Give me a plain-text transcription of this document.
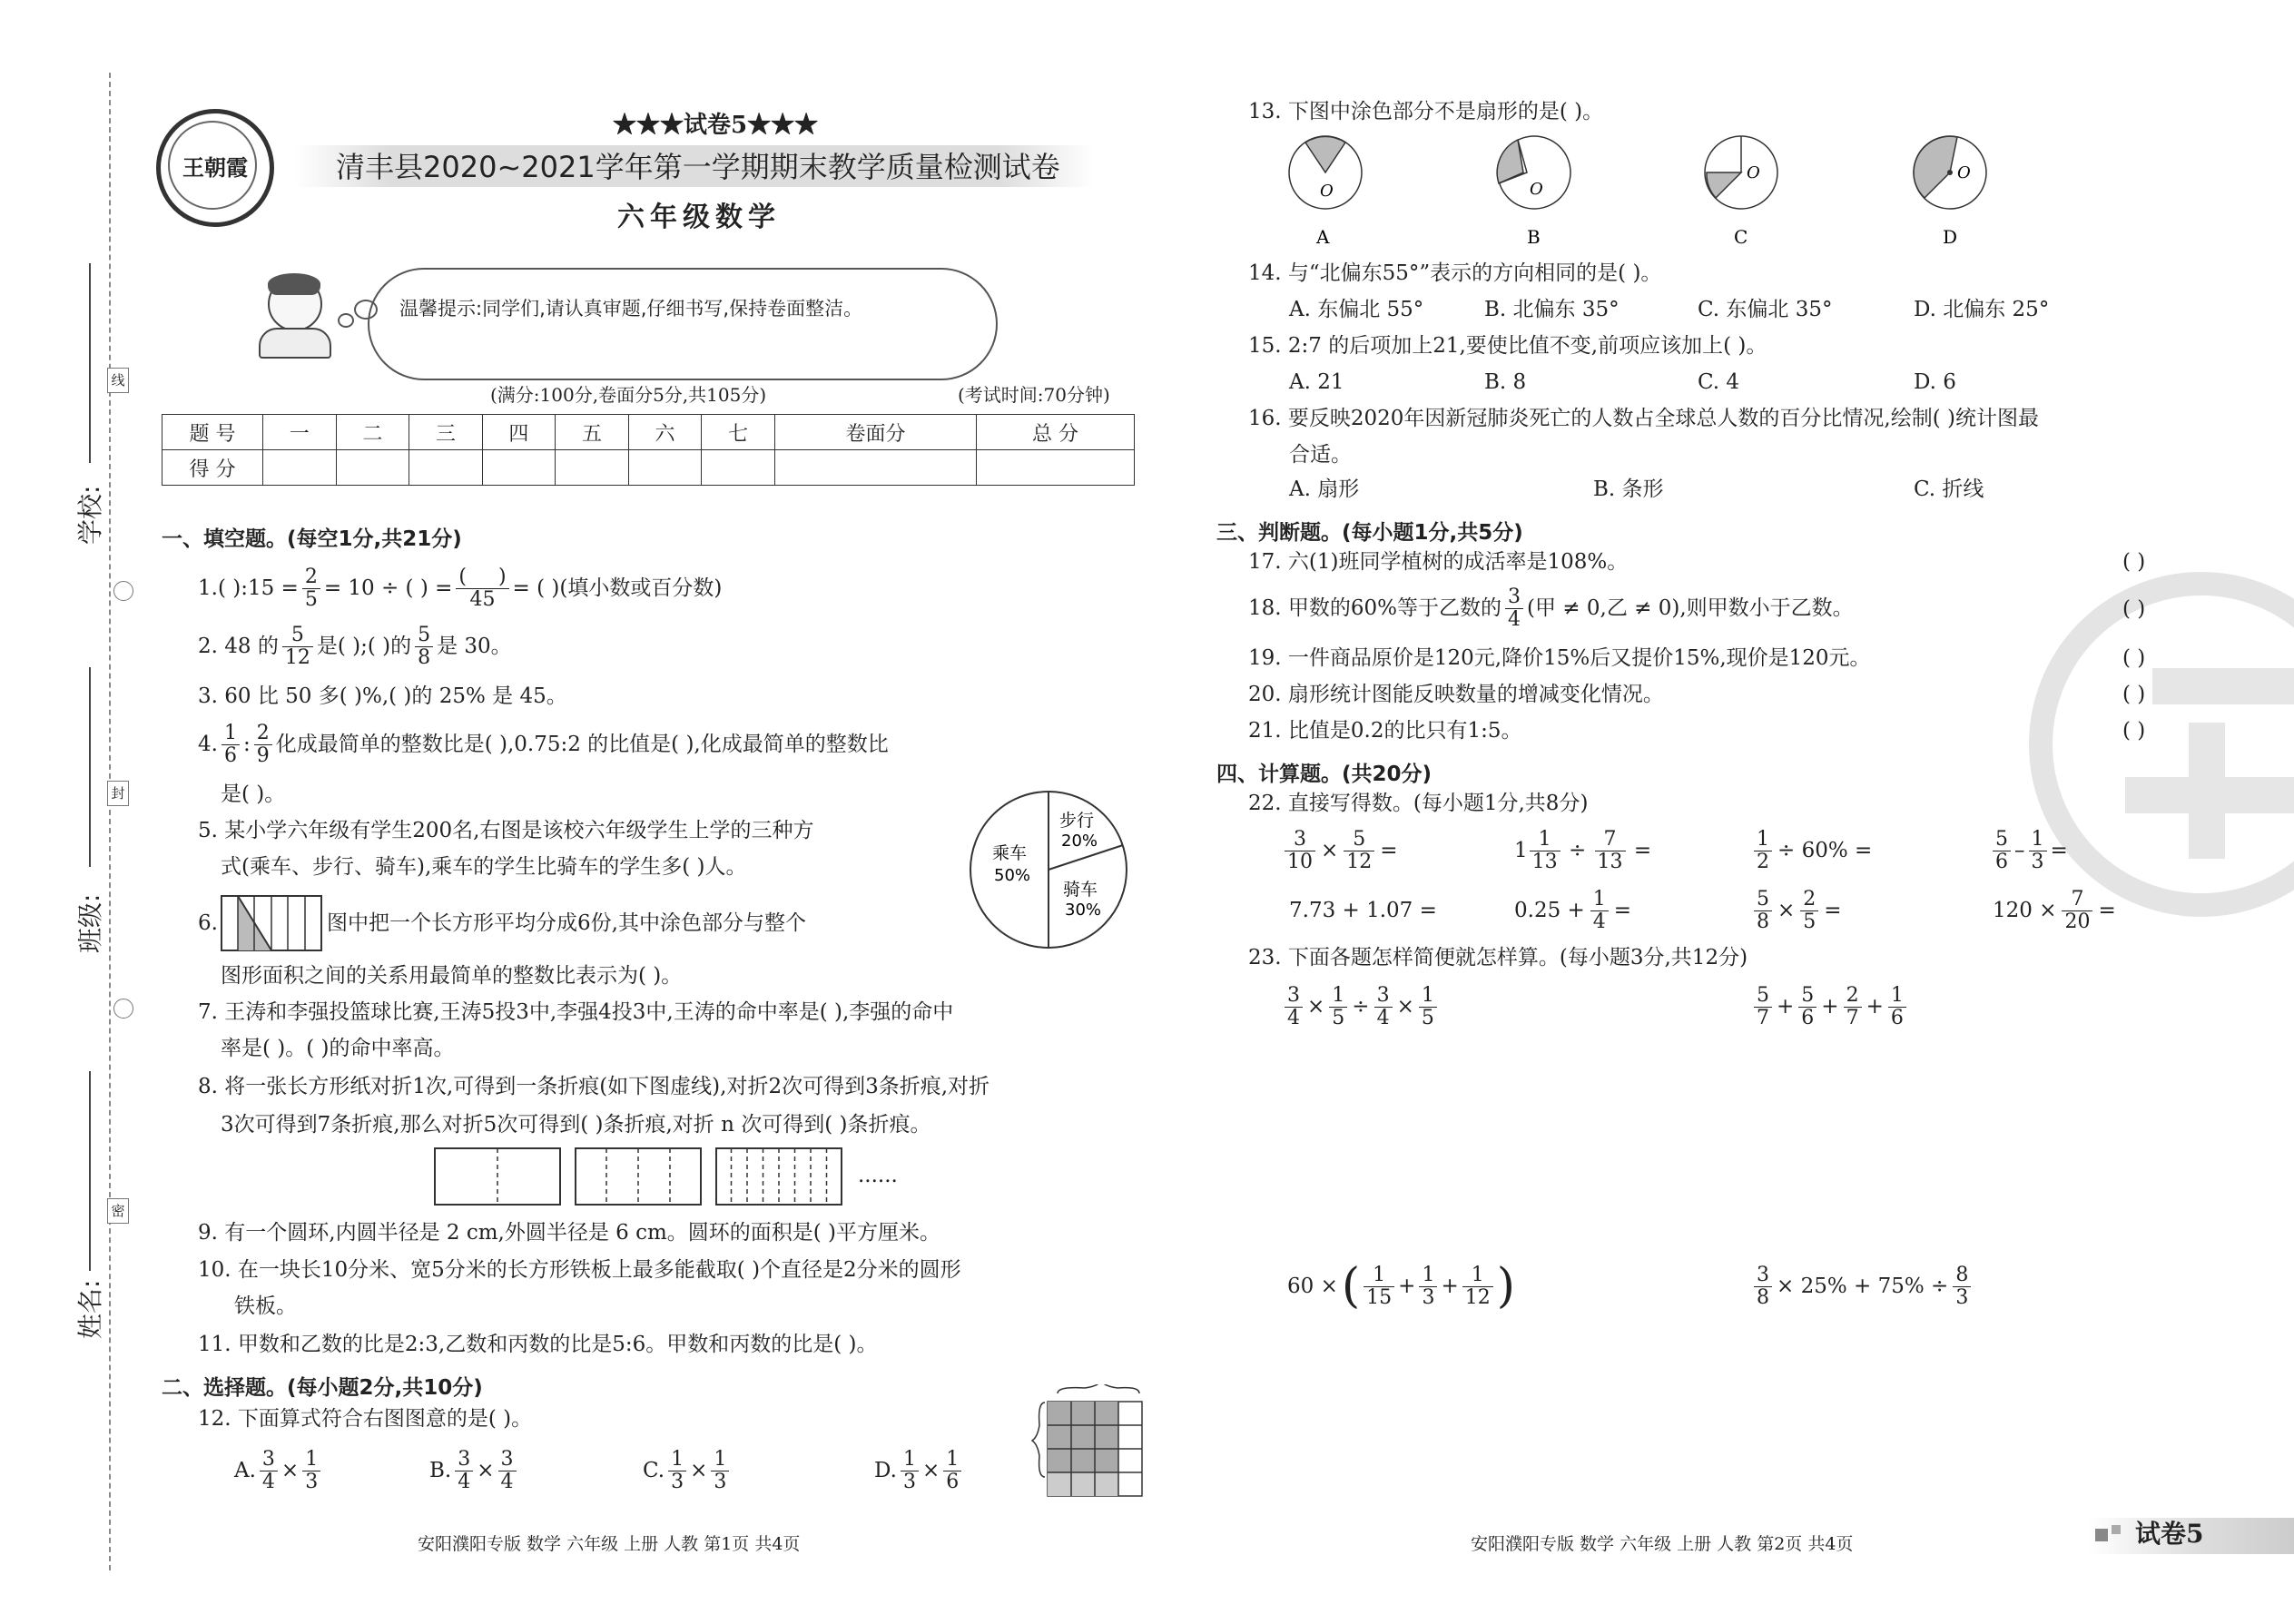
学校:
班级:
姓名:
线
封
密
王朝霞
★★★试卷5★★★
清丰县2020~2021学年第一学期期末教学质量检测试卷
六年级数学
温馨提示:同学们,请认真审题,仔细书写,保持卷面整洁。
(满分:100分,卷面分5分,共105分)	(考试时间:70分钟)
题 号	一	二	三	四	五	六	七	卷面分	总 分
得 分									
一、填空题。(每空1分,共21分)
1.( ):15 = $\frac{2}{5} = 10$ ÷ ( ) = $\frac{( )}{45}$ = ( )(填小数或百分数)
2. 48 的 $\frac{5}{12}$ 是( );( )的 $\frac{5}{8}$ 是 30。
3. 60 比 50 多( )%,( )的 25% 是 45。
4. $\frac{1}{6}$ : $\frac{2}{9}$ 化成最简单的整数比是( ),0.75:2 的比值是( ),化成最简单的整数比
是( )。
5. 某小学六年级有学生200名,右图是该校六年级学生上学的三种方
式(乘车、步行、骑车),乘车的学生比骑车的学生多( )人。
乘车
50%
步行
20%
骑车
30%
6.	图中把一个长方形平均分成6份,其中涂色部分与整个
图形面积之间的关系用最简单的整数比表示为( )。
7. 王涛和李强投篮球比赛,王涛5投3中,李强4投3中,王涛的命中率是( ),李强的命中
率是( )。( )的命中率高。
8. 将一张长方形纸对折1次,可得到一条折痕(如下图虚线),对折2次可得到3条折痕,对折
3次可得到7条折痕,那么对折5次可得到( )条折痕,对折 n 次可得到( )条折痕。
......
9. 有一个圆环,内圆半径是 2 cm,外圆半径是 6 cm。圆环的面积是( )平方厘米。
10. 在一块长10分米、宽5分米的长方形铁板上最多能截取( )个直径是2分米的圆形
铁板。
11. 甲数和乙数的比是2:3,乙数和丙数的比是5:6。甲数和丙数的比是( )。
二、选择题。(每小题2分,共10分)
12. 下面算式符合右图图意的是( )。
A. $\frac{3}{4} \times \frac{1}{3}$	B. $\frac{3}{4} \times \frac{3}{4}$	C. $\frac{1}{3} \times \frac{1}{3}$	D. $\frac{1}{3} \times \frac{1}{6}$
安阳濮阳专版 数学 六年级 上册 人教 第1页 共4页
13. 下图中涂色部分不是扇形的是( )。
O
A
O
B
O
C
O
D
14. 与“北偏东55°”表示的方向相同的是( )。
A. 东偏北 55°	B. 北偏东 35°	C. 东偏北 35°	D. 北偏东 25°
15. 2:7 的后项加上21,要使比值不变,前项应该加上( )。
A. 21	B. 8	C. 4	D. 6
16. 要反映2020年因新冠肺炎死亡的人数占全球总人数的百分比情况,绘制( )统计图最
合适。
A. 扇形	B. 条形	C. 折线
三、判断题。(每小题1分,共5分)
17. 六(1)班同学植树的成活率是108%。	( )
18. 甲数的60%等于乙数的 $\frac{3}{4}$ (甲 ≠ 0,乙 ≠ 0),则甲数小于乙数。	( )
19. 一件商品原价是120元,降价15%后又提价15%,现价是120元。	( )
20. 扇形统计图能反映数量的增减变化情况。	( )
21. 比值是0.2的比只有1:5。	( )
四、计算题。(共20分)
22. 直接写得数。(每小题1分,共8分)
$\frac{3}{10} \times \frac{5}{12}$ =	$1 \frac{1}{13} \div \frac{7}{13}$ =	$\frac{1}{2} \div 60\%$ =	$\frac{5}{6} - \frac{1}{3}$ =
7.73 + 1.07 =	$0.25 + \frac{1}{4}$ =	$\frac{5}{8} \times \frac{2}{5}$ =	$120 \times \frac{7}{20}$ =
23. 下面各题怎样简便就怎样算。(每小题3分,共12分)
$\frac{3}{4} \times \frac{1}{5} \div \frac{3}{4} \times \frac{1}{5}$	$\frac{5}{7} + \frac{5}{6} + \frac{2}{7} + \frac{1}{6}$
60 × ( $\frac{1}{15} + \frac{1}{3} + \frac{1}{12}$ )	$\frac{3}{8} \times 25\% + 75\% \div \frac{8}{3}$
安阳濮阳专版 数学 六年级 上册 人教 第2页 共4页	试卷5
